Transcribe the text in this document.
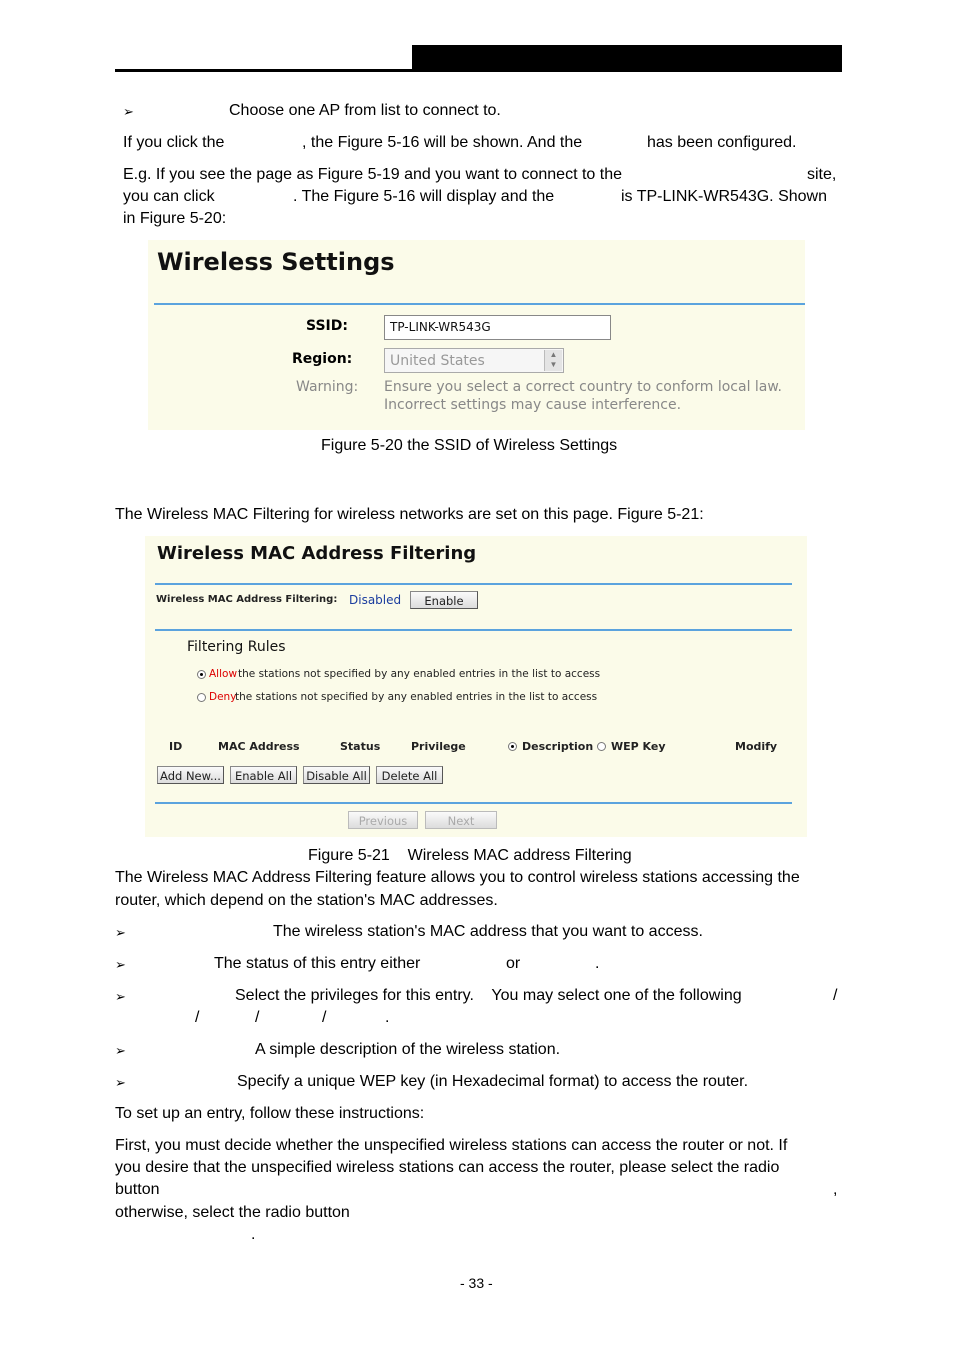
➢	Choose one AP from list to connect to.
If you click the	, the Figure 5-16 will be shown. And the	has been configured.
E.g. If you see the page as Figure 5-19 and you want to connect to the	site,
you can click	. The Figure 5-16 will display and the	is TP-LINK-WR543G. Shown
in Figure 5-20:
Wireless Settings
SSID:	TP-LINK-WR543G
Region:	United States	▲
▼
Warning: Ensure you select a correct country to conform local law.
Incorrect settings may cause interference.
Figure 5-20 the SSID of Wireless Settings
The Wireless MAC Filtering for wireless networks are set on this page. Figure 5-21:
Wireless MAC Address Filtering
Wireless MAC Address Filtering: Disabled	Enable
Filtering Rules
Allow the stations not specified by any enabled entries in the list to access
Deny
the stations not specified by any enabled entries in the list to access
ID	MAC Address	Status	Privilege	Description WEP Key	Modify
Add New...	Enable All	Disable All	Delete All
Previous	Next
Figure 5-21    Wireless MAC address Filtering
The Wireless MAC Address Filtering feature allows you to control wireless stations accessing the
router, which depend on the station's MAC addresses.
➢	The wireless station's MAC address that you want to access.
➢	The status of this entry either	or	.
➢	Select the privileges for this entry.    You may select one of the following	/
/	/	/	.
➢	A simple description of the wireless station.
➢	Specify a unique WEP key (in Hexadecimal format) to access the router.
To set up an entry, follow these instructions:
First, you must decide whether the unspecified wireless stations can access the router or not. If
you desire that the unspecified wireless stations can access the router, please select the radio
button	,
otherwise, select the radio button
.
- 33 -
